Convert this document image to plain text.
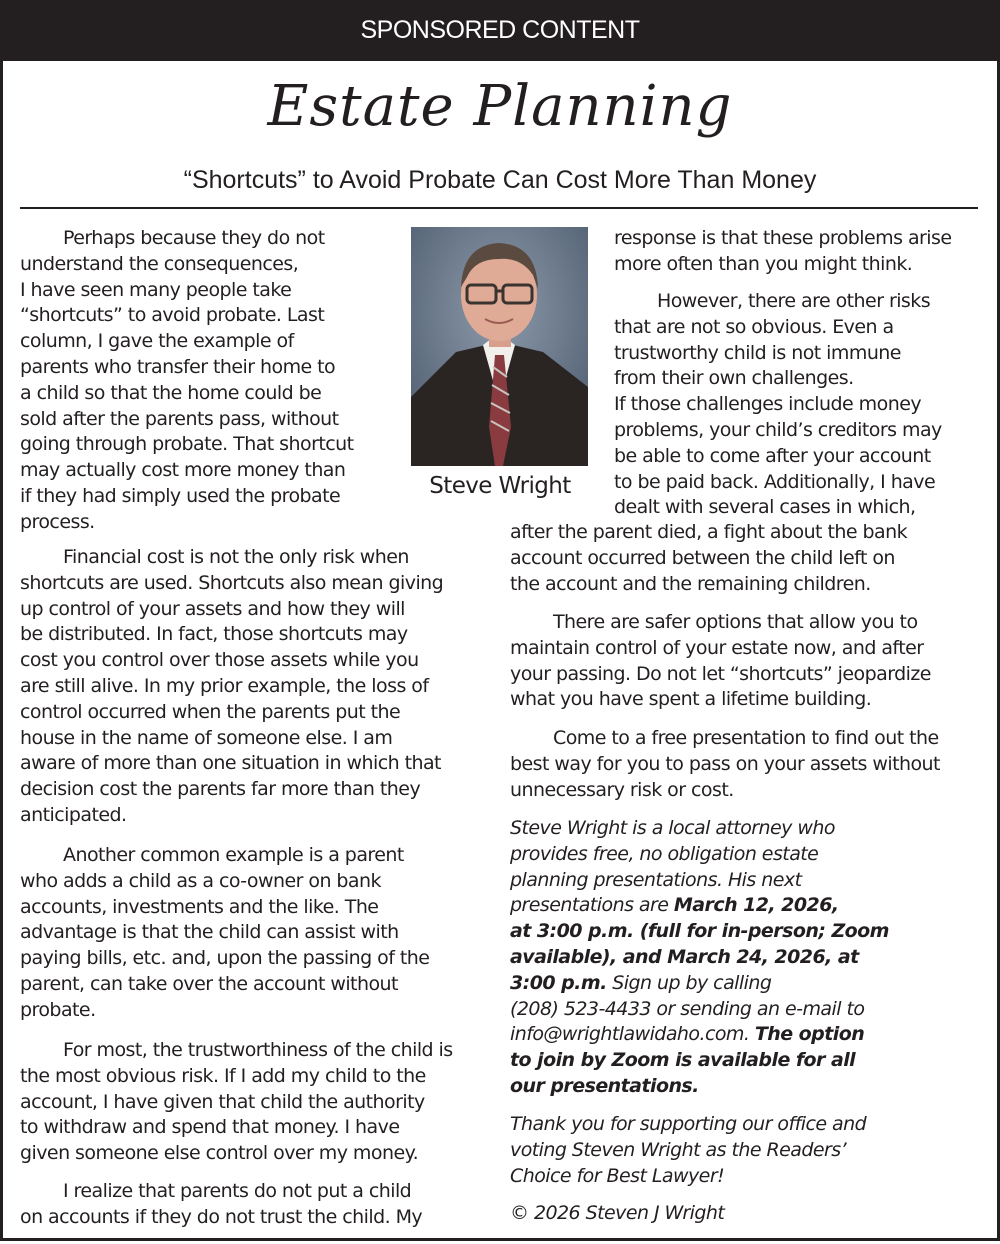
SPONSORED CONTENT
Estate Planning
“Shortcuts” to Avoid Probate Can Cost More Than Money
Perhaps because they do not
understand the consequences,
I have seen many people take
“shortcuts” to avoid probate. Last
column, I gave the example of
parents who transfer their home to
a child so that the home could be
sold after the parents pass, without
going through probate. That shortcut
may actually cost more money than
if they had simply used the probate
process.
Financial cost is not the only risk when
shortcuts are used. Shortcuts also mean giving
up control of your assets and how they will
be distributed. In fact, those shortcuts may
cost you control over those assets while you
are still alive. In my prior example, the loss of
control occurred when the parents put the
house in the name of someone else. I am
aware of more than one situation in which that
decision cost the parents far more than they
anticipated.
Another common example is a parent
who adds a child as a co-owner on bank
accounts, investments and the like. The
advantage is that the child can assist with
paying bills, etc. and, upon the passing of the
parent, can take over the account without
probate.
For most, the trustworthiness of the child is
the most obvious risk. If I add my child to the
account, I have given that child the authority
to withdraw and spend that money. I have
given someone else control over my money.
I realize that parents do not put a child
on accounts if they do not trust the child. My
Steve Wright
response is that these problems arise
more often than you might think.
However, there are other risks
that are not so obvious. Even a
trustworthy child is not immune
from their own challenges.
If those challenges include money
problems, your child’s creditors may
be able to come after your account
to be paid back. Additionally, I have
dealt with several cases in which,
after the parent died, a fight about the bank
account occurred between the child left on
the account and the remaining children.
There are safer options that allow you to
maintain control of your estate now, and after
your passing. Do not let “shortcuts” jeopardize
what you have spent a lifetime building.
Come to a free presentation to find out the
best way for you to pass on your assets without
unnecessary risk or cost.
Steve Wright is a local attorney who
provides free, no obligation estate
planning presentations. His next
presentations are March 12, 2026,
at 3:00 p.m. (full for in-person; Zoom
available), and March 24, 2026, at
3:00 p.m. Sign up by calling
(208) 523-4433 or sending an e-mail to
info@wrightlawidaho.com. The option
to join by Zoom is available for all
our presentations.
Thank you for supporting our office and
voting Steven Wright as the Readers’
Choice for Best Lawyer!
© 2026 Steven J Wright
